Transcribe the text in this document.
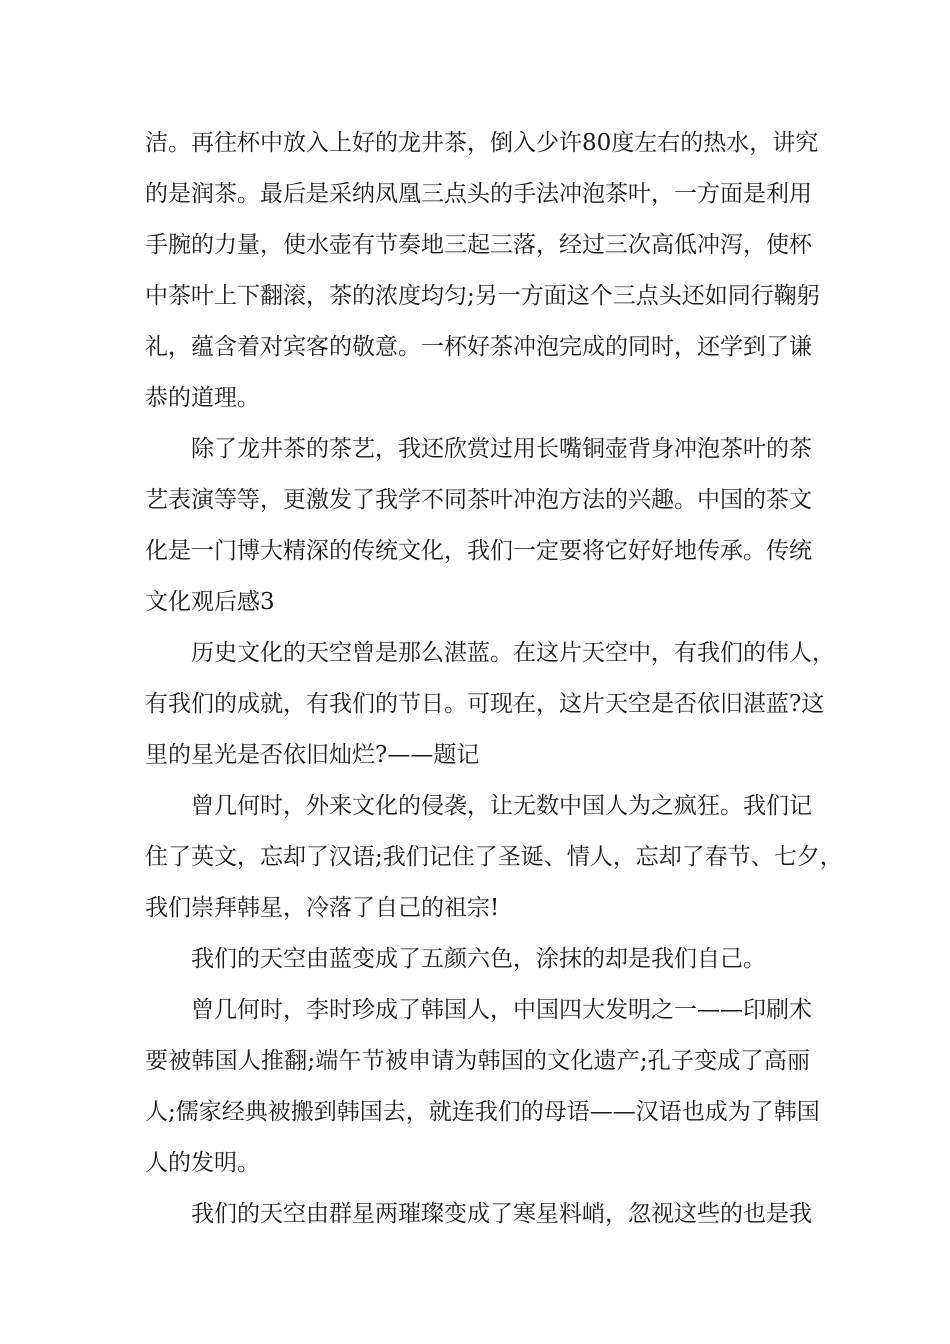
洁。再往杯中放入上好的龙井茶，倒入少许80度左右的热水，讲究
的是润茶。最后是采纳凤凰三点头的手法冲泡茶叶，一方面是利用
手腕的力量，使水壶有节奏地三起三落，经过三次高低冲泻，使杯
中茶叶上下翻滚，茶的浓度均匀;另一方面这个三点头还如同行鞠躬
礼，蕴含着对宾客的敬意。一杯好茶冲泡完成的同时，还学到了谦
恭的道理。
除了龙井茶的茶艺，我还欣赏过用长嘴铜壶背身冲泡茶叶的茶
艺表演等等，更激发了我学不同茶叶冲泡方法的兴趣。中国的茶文
化是一门博大精深的传统文化，我们一定要将它好好地传承。传统
文化观后感3
历史文化的天空曾是那么湛蓝。在这片天空中，有我们的伟人，
有我们的成就，有我们的节日。可现在，这片天空是否依旧湛蓝?这
里的星光是否依旧灿烂?——题记
曾几何时，外来文化的侵袭，让无数中国人为之疯狂。我们记
住了英文，忘却了汉语;我们记住了圣诞、情人，忘却了春节、七夕，
我们崇拜韩星，冷落了自己的祖宗!
我们的天空由蓝变成了五颜六色，涂抹的却是我们自己。
曾几何时，李时珍成了韩国人，中国四大发明之一——印刷术
要被韩国人推翻;端午节被申请为韩国的文化遗产;孔子变成了高丽
人;儒家经典被搬到韩国去，就连我们的母语——汉语也成为了韩国
人的发明。
我们的天空由群星两璀璨变成了寒星料峭，忽视这些的也是我
